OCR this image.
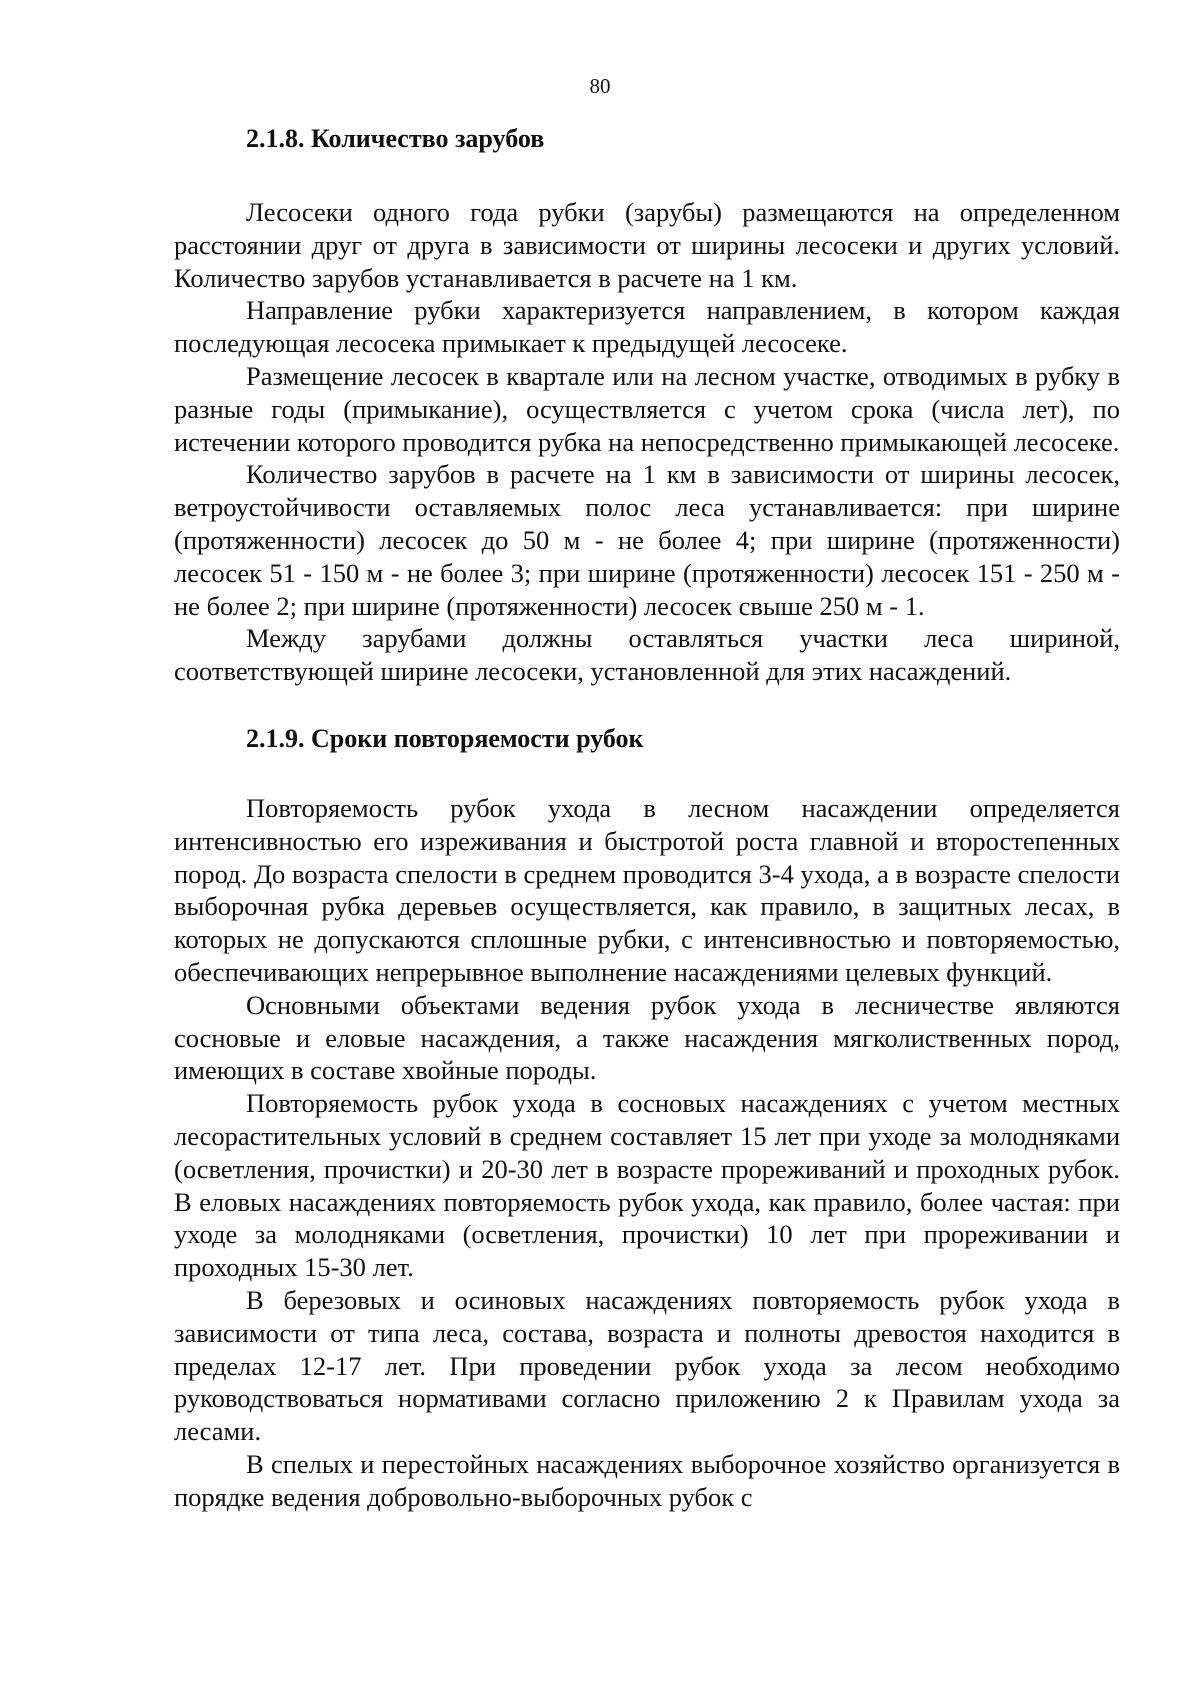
80
2.1.8. Количество зарубов

Лесосеки одного года рубки (зарубы) размещаются на определенном расстоянии друг от друга в зависимости от ширины лесосеки и других условий. Количество зарубов устанавливается в расчете на 1 км.

Направление рубки характеризуется направлением, в котором каждая последующая лесосека примыкает к предыдущей лесосеке.

Размещение лесосек в квартале или на лесном участке, отводимых в рубку в разные годы (примыкание), осуществляется с учетом срока (числа лет), по истечении которого проводится рубка на непосредственно примыкающей лесосеке.

Количество зарубов в расчете на 1 км в зависимости от ширины лесосек, ветроустойчивости оставляемых полос леса устанавливается: при ширине (протяженности) лесосек до 50 м - не более 4; при ширине (протяженности) лесосек 51 - 150 м - не более 3; при ширине (протяженности) лесосек 151 - 250 м - не более 2; при ширине (протяженности) лесосек свыше 250 м - 1.

Между зарубами должны оставляться участки леса шириной, соответствующей ширине лесосеки, установленной для этих насаждений.

2.1.9. Сроки повторяемости рубок

Повторяемость рубок ухода в лесном насаждении определяется интенсивностью его изреживания и быстротой роста главной и второстепенных пород. До возраста спелости в среднем проводится 3-4 ухода, а в возрасте спелости выборочная рубка деревьев осуществляется, как правило, в защитных лесах, в которых не допускаются сплошные рубки, с интенсивностью и повторяемостью, обеспечивающих непрерывное выполнение насаждениями целевых функций.

Основными объектами ведения рубок ухода в лесничестве являются сосновые и еловые насаждения, а также насаждения мягколиственных пород, имеющих в составе хвойные породы.

Повторяемость рубок ухода в сосновых насаждениях с учетом местных лесорастительных условий в среднем составляет 15 лет при уходе за молодняками (осветления, прочистки) и 20-30 лет в возрасте прореживаний и проходных рубок. В еловых насаждениях повторяемость рубок ухода, как правило, более частая: при уходе за молодняками (осветления, прочистки) 10 лет при прореживании и проходных 15-30 лет.

В березовых и осиновых насаждениях повторяемость рубок ухода в зависимости от типа леса, состава, возраста и полноты древостоя находится в пределах 12-17 лет. При проведении рубок ухода за лесом необходимо руководствоваться нормативами согласно приложению 2 к Правилам ухода за лесами.

В спелых и перестойных насаждениях выборочное хозяйство организуется в порядке ведения добровольно-выборочных рубок с
